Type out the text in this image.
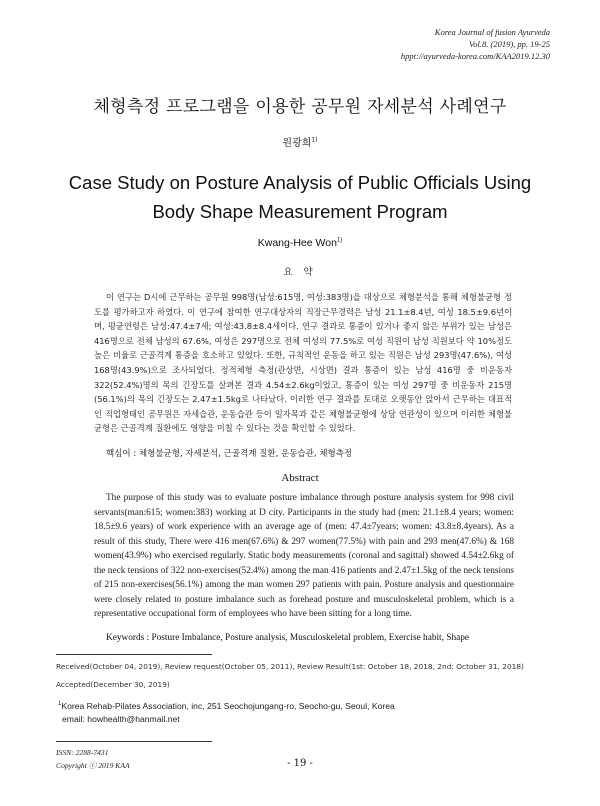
Korea Journal of fusion Ayurveda
Vol.8. (2019), pp. 19-25
hppt://ayurveda-korea.com/KAA2019.12.30
체형측정 프로그램을 이용한 공무원 자세분석 사례연구
원광희$^{1)}$
Case Study on Posture Analysis of Public Officials Using Body Shape Measurement Program
Kwang-Hee Won$^{1)}$
요 약

이 연구는 D시에 근무하는 공무원 998명(남성:615명, 여성:383명)을 대상으로 체형분석을 통해 체형불균형 정도를 평가하고자 하였다. 이 연구에 참여한 연구대상자의 직장근무경력은 남성 21.1±8.4년, 여성 18.5±9.6년이며, 평균연령은 남성:47.4±7세; 여성:43.8±8.4세이다. 연구 결과로 통증이 있거나 좋지 않은 부위가 있는 남성은 416명으로 전체 남성의 67.6%, 여성은 297명으로 전체 여성의 77.5%로 여성 직원이 남성 직원보다 약 10%정도 높은 비율로 근골격계 통증을 호소하고 있었다. 또한, 규칙적인 운동을 하고 있는 직원은 남성 293명(47.6%), 여성 168명(43.9%)으로 조사되었다. 정적체형 측정(관상면, 시상면) 결과 통증이 있는 남성 416명 중 비운동자 322(52.4%)명의 목의 긴장도를 살펴본 결과 4.54±2.6kg이었고, 통증이 있는 여성 297명 중 비운동자 215명(56.1%)의 목의 긴장도는 2.47±1.5kg로 나타났다. 이러한 연구 결과를 토대로 오랫동안 앉아서 근무하는 대표적인 직업형태인 공무원은 자세습관, 운동습관 등이 일자목과 같은 체형불균형에 상당 연관성이 있으며 이러한 체형불균형은 근골격계 질환에도 영향을 미칠 수 있다는 것을 확인할 수 있었다.

핵심어 : 체형불균형, 자세분석, 근골격계 질환, 운동습관, 체형측정
Abstract

The purpose of this study was to evaluate posture imbalance through posture analysis system for 998 civil servants(man:615; women:383) working at D city. Participants in the study had (men: 21.1±8.4 years; women: 18.5±9.6 years) of work experience with an average age of (men: 47.4±7years; women: 43.8±8.4years). As a result of this study, There were 416 men(67.6%) & 297 women(77.5%) with pain and 293 men(47.6%) & 168 women(43.9%) who exercised regularly. Static body measurements (coronal and sagittal) showed 4.54±2.6kg of the neck tensions of 322 non-exercises(52.4%) among the man 416 patients and 2.47±1.5kg of the neck tensions of 215 non-exercises(56.1%) among the man women 297 patients with pain. Posture analysis and questionnaire were closely related to posture imbalance such as forehead posture and musculoskeletal problem, which is a representative occupational form of employees who have been sitting for a long time.

Keywords : Posture Imbalance, Posture analysis, Musculoskeletal problem, Exercise habit, Shape
Received(October 04, 2019), Review request(October 05, 2011), Review Result(1st: October 18, 2018, 2nd: October 31, 2018)
Accepted(December 30, 2019)
$^1$Korea Rehab-Pilates Association, inc, 251 Seochojungang-ro, Seocho-gu, Seoul, Korea
email: howhealth@hanmail.net
ISSN: 2288-7431
Copyright ⓒ 2019 KAA	- 19 -
